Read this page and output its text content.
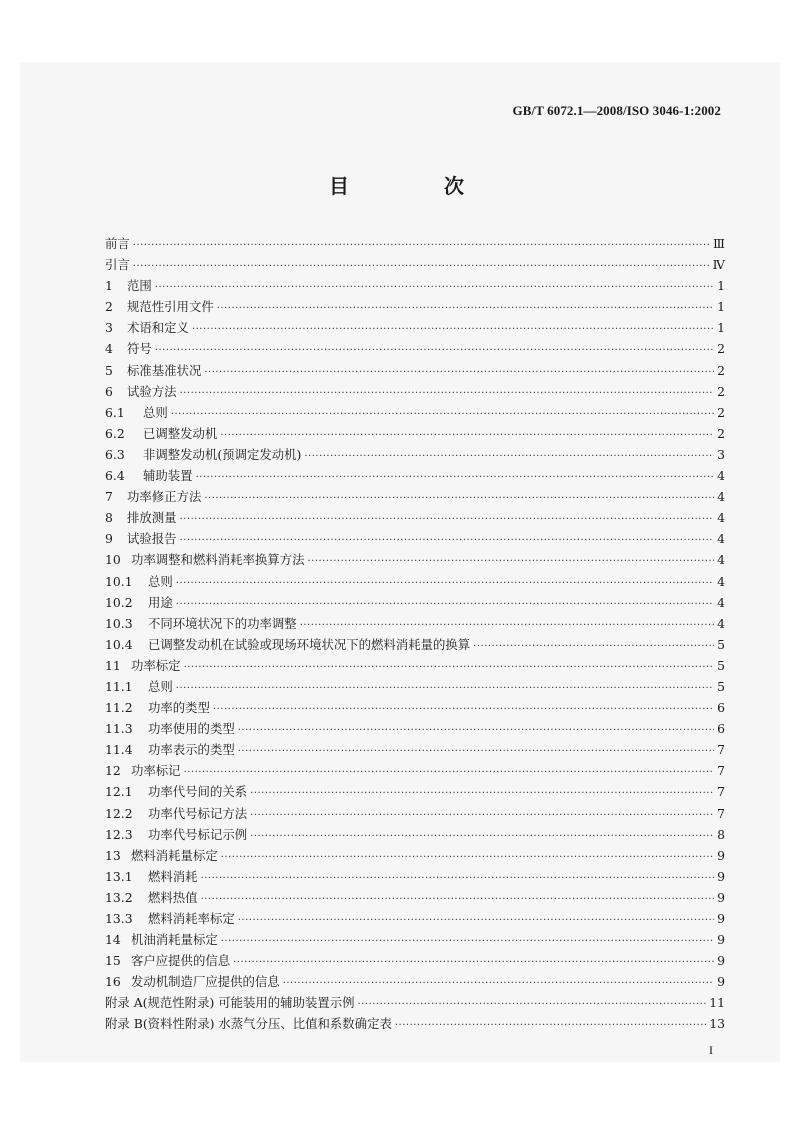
GB/T 6072.1—2008/ISO 3046-1:2002
目 次
前言 ·····	Ⅲ
引言 ·····	Ⅳ
1	范围 ·····	1
2	规范性引用文件 ·····	1
3	术语和定义 ·····	1
4	符号 ·····	2
5	标准基准状况 ·····	2
6	试验方法 ·····	2
6.1	总则 ·····	2
6.2	已调整发动机 ·····	2
6.3	非调整发动机(预调定发动机) ·····	3
6.4	辅助装置 ·····	4
7	功率修正方法 ·····	4
8	排放测量 ·····	4
9	试验报告 ·····	4
10 功率调整和燃料消耗率换算方法 ·····	4
10.1	总则 ·····	4
10.2	用途 ·····	4
10.3	不同环境状况下的功率调整 ·····	4
10.4	已调整发动机在试验或现场环境状况下的燃料消耗量的换算 ·····	5
11 功率标定 ·····	5
11.1	总则 ·····	5
11.2	功率的类型 ·····	6
11.3	功率使用的类型 ·····	6
11.4	功率表示的类型 ·····	7
12 功率标记 ·····	7
12.1	功率代号间的关系 ·····	7
12.2	功率代号标记方法 ·····	7
12.3	功率代号标记示例 ·····	8
13 燃料消耗量标定 ·····	9
13.1	燃料消耗 ·····	9
13.2	燃料热值 ·····	9
13.3	燃料消耗率标定 ·····	9
14 机油消耗量标定 ·····	9
15 客户应提供的信息 ·····	9
16 发动机制造厂应提供的信息 ·····	9
附录 A(规范性附录) 可能装用的辅助装置示例 ·····	11
附录 B(资料性附录) 水蒸气分压、比值和系数确定表 ·····	13
I
